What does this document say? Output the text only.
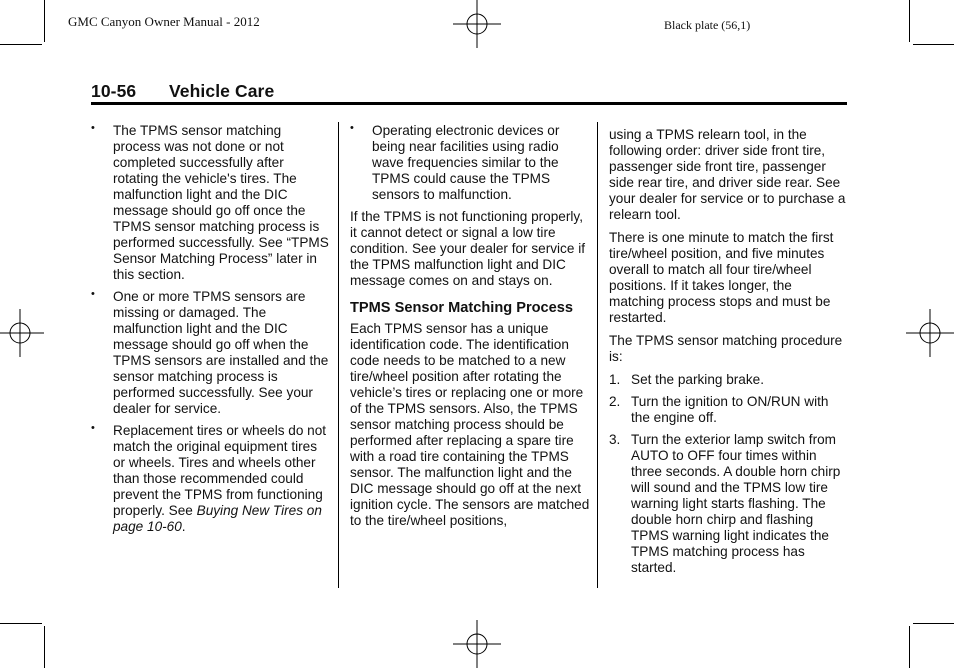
GMC Canyon Owner Manual - 2012	Black plate (56,1)
10-56 Vehicle Care
• The TPMS sensor matching process was not done or not completed successfully after rotating the vehicle's tires. The malfunction light and the DIC message should go off once the TPMS sensor matching process is performed successfully. See “TPMS Sensor Matching Process” later in this section.
• One or more TPMS sensors are missing or damaged. The malfunction light and the DIC message should go off when the TPMS sensors are installed and the sensor matching process is performed successfully. See your dealer for service.
• Replacement tires or wheels do not match the original equipment tires or wheels. Tires and wheels other than those recommended could prevent the TPMS from functioning properly. See Buying New Tires on page 10-60.
• Operating electronic devices or being near facilities using radio wave frequencies similar to the TPMS could cause the TPMS sensors to malfunction.
If the TPMS is not functioning properly, it cannot detect or signal a low tire condition. See your dealer for service if the TPMS malfunction light and DIC message comes on and stays on.
TPMS Sensor Matching Process
Each TPMS sensor has a unique identification code. The identification code needs to be matched to a new tire/wheel position after rotating the vehicle’s tires or replacing one or more of the TPMS sensors. Also, the TPMS sensor matching process should be performed after replacing a spare tire with a road tire containing the TPMS sensor. The malfunction light and the DIC message should go off at the next ignition cycle. The sensors are matched to the tire/wheel positions,
using a TPMS relearn tool, in the following order: driver side front tire, passenger side front tire, passenger side rear tire, and driver side rear. See your dealer for service or to purchase a relearn tool.
There is one minute to match the first tire/wheel position, and five minutes overall to match all four tire/wheel positions. If it takes longer, the matching process stops and must be restarted.
The TPMS sensor matching procedure is:
1. Set the parking brake.
2. Turn the ignition to ON/RUN with the engine off.
3. Turn the exterior lamp switch from AUTO to OFF four times within three seconds. A double horn chirp will sound and the TPMS low tire warning light starts flashing. The double horn chirp and flashing TPMS warning light indicates the TPMS matching process has started.
